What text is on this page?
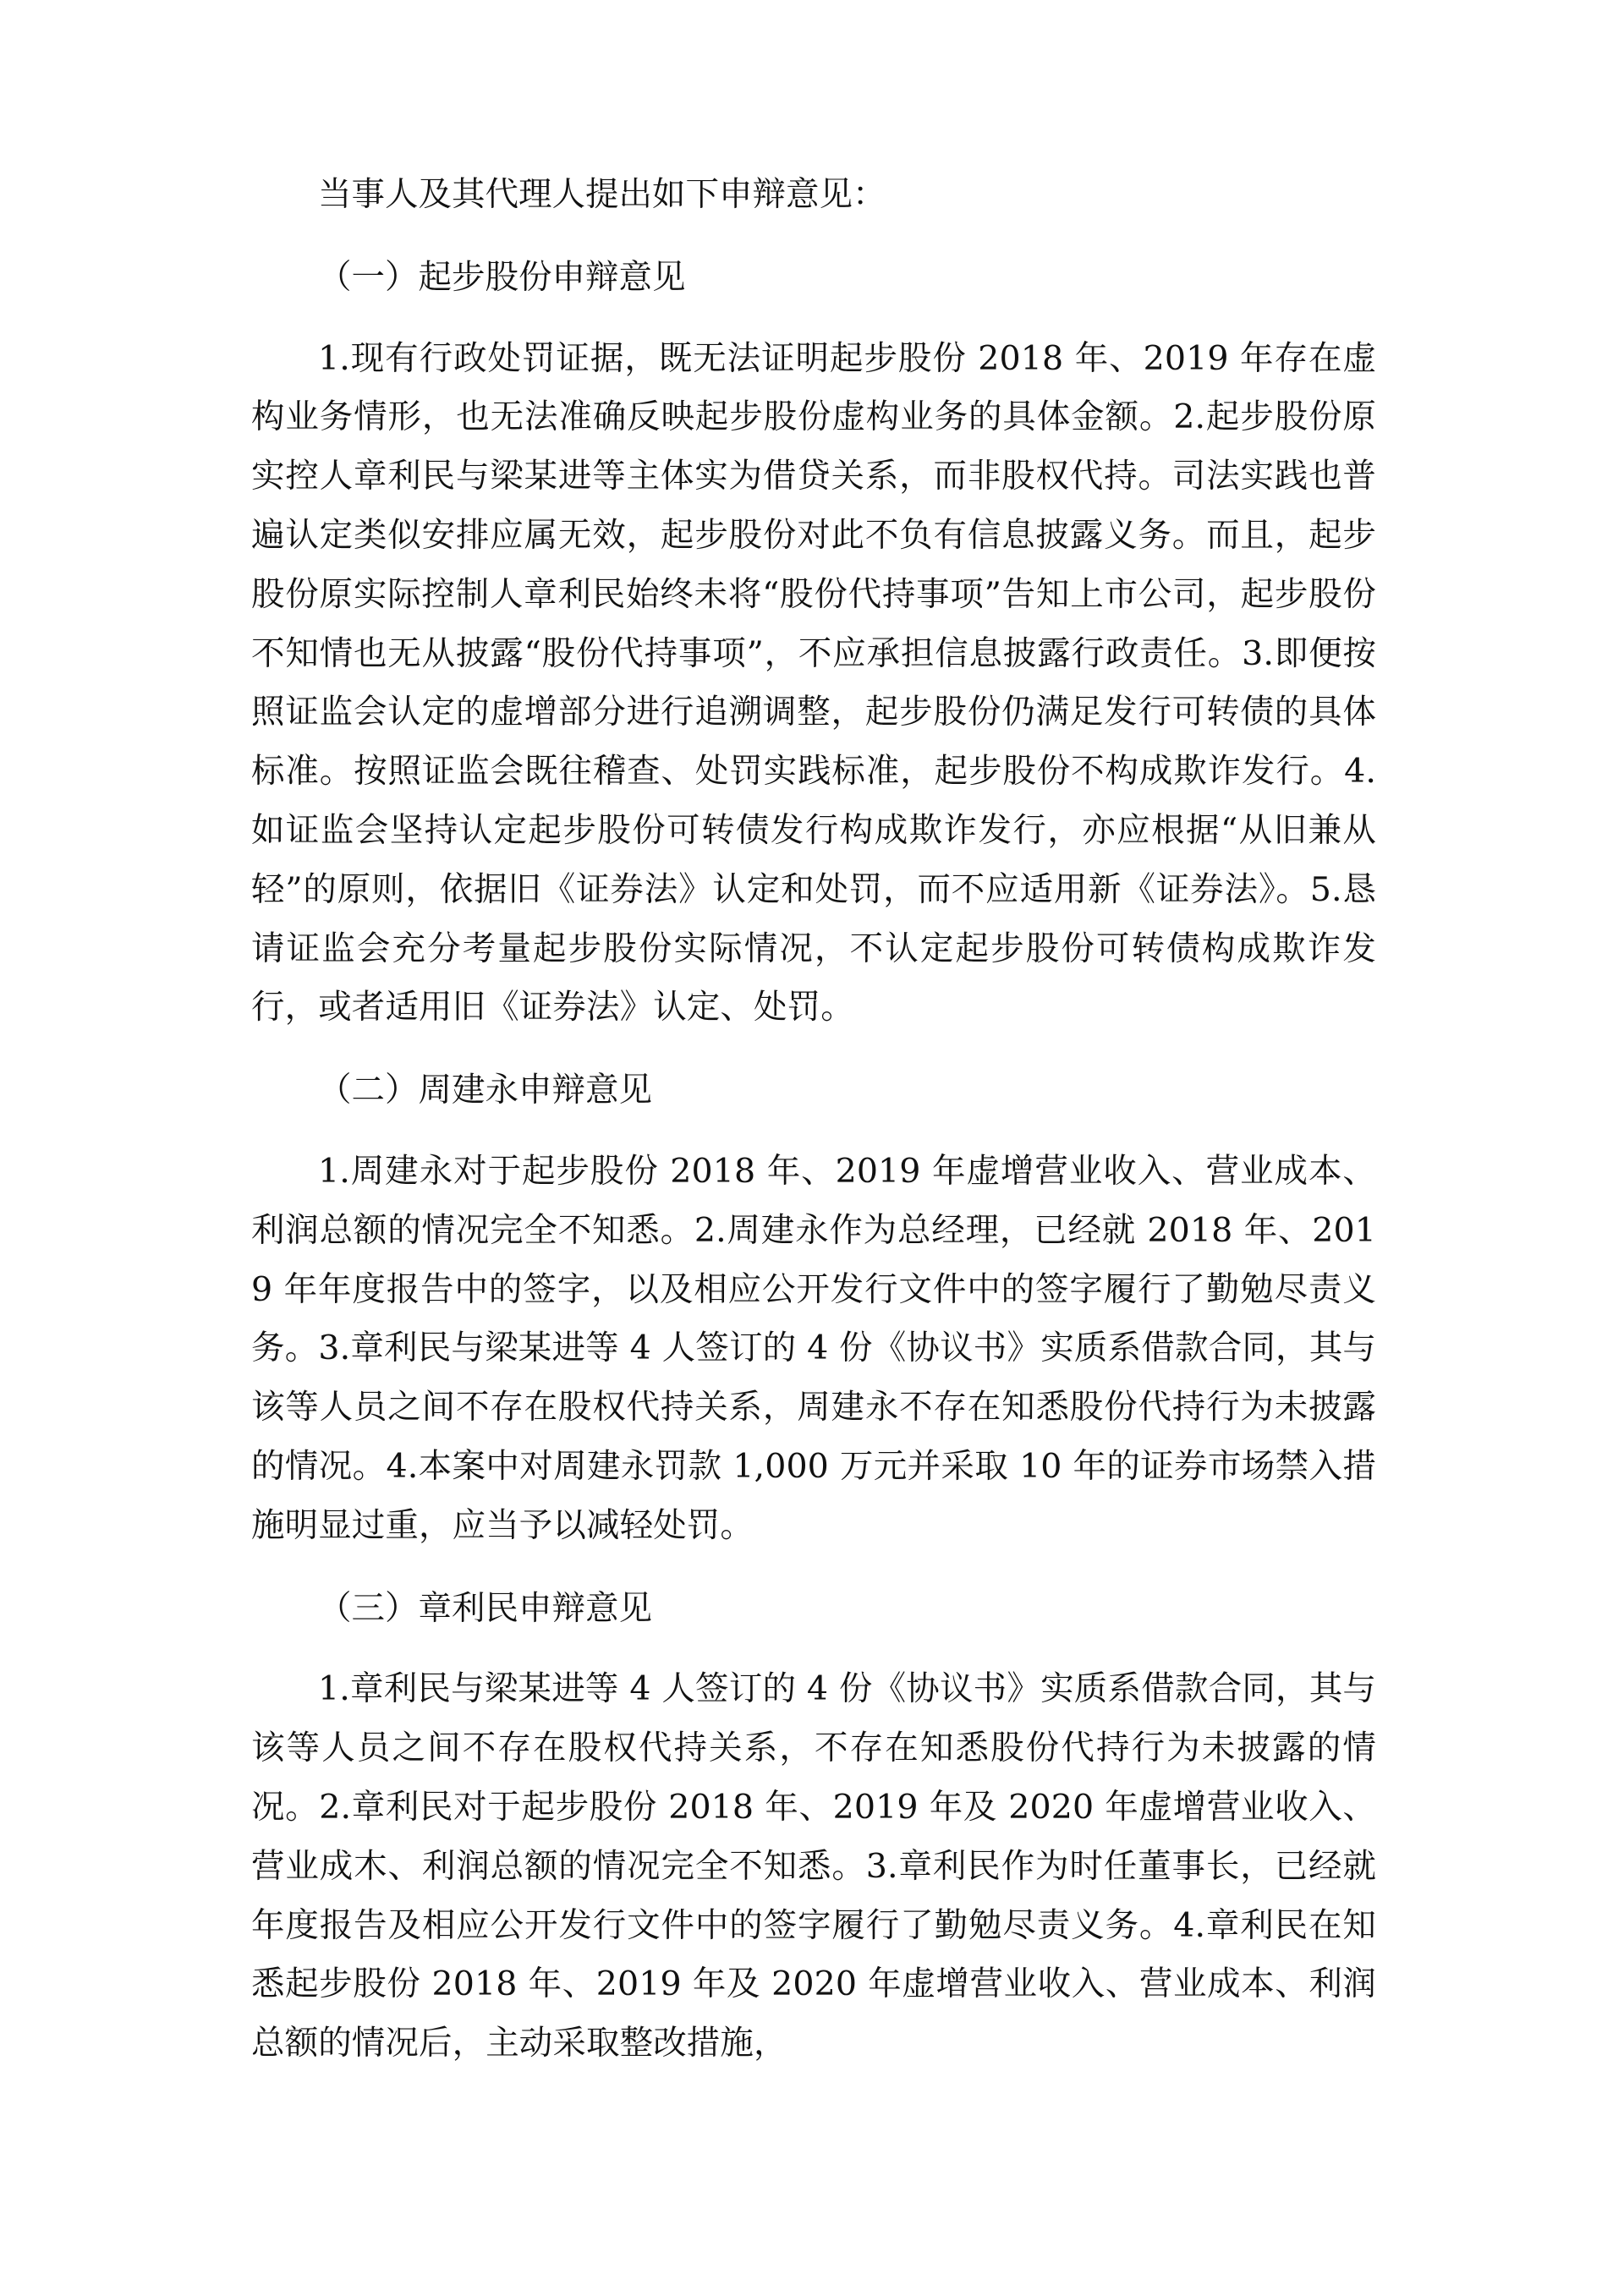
当事人及其代理人提出如下申辩意见：

（一）起步股份申辩意见

1.现有行政处罚证据，既无法证明起步股份 2018 年、2019 年存在虚构业务情形，也无法准确反映起步股份虚构业务的具体金额。2.起步股份原实控人章利民与梁某进等主体实为借贷关系，而非股权代持。司法实践也普遍认定类似安排应属无效，起步股份对此不负有信息披露义务。而且，起步股份原实际控制人章利民始终未将“股份代持事项”告知上市公司，起步股份不知情也无从披露“股份代持事项”，不应承担信息披露行政责任。3.即便按照证监会认定的虚增部分进行追溯调整，起步股份仍满足发行可转债的具体标准。按照证监会既往稽查、处罚实践标准，起步股份不构成欺诈发行。4.如证监会坚持认定起步股份可转债发行构成欺诈发行，亦应根据“从旧兼从轻”的原则，依据旧《证券法》认定和处罚，而不应适用新《证券法》。5.恳请证监会充分考量起步股份实际情况，不认定起步股份可转债构成欺诈发行，或者适用旧《证券法》认定、处罚。

（二）周建永申辩意见

1.周建永对于起步股份 2018 年、2019 年虚增营业收入、营业成本、利润总额的情况完全不知悉。2.周建永作为总经理，已经就 2018 年、2019 年年度报告中的签字，以及相应公开发行文件中的签字履行了勤勉尽责义务。3.章利民与梁某进等 4 人签订的 4 份《协议书》实质系借款合同，其与该等人员之间不存在股权代持关系，周建永不存在知悉股份代持行为未披露的情况。4.本案中对周建永罚款 1,000 万元并采取 10 年的证券市场禁入措施明显过重，应当予以减轻处罚。

（三）章利民申辩意见

1.章利民与梁某进等 4 人签订的 4 份《协议书》实质系借款合同，其与该等人员之间不存在股权代持关系，不存在知悉股份代持行为未披露的情况。2.章利民对于起步股份 2018 年、2019 年及 2020 年虚增营业收入、营业成木、利润总额的情况完全不知悉。3.章利民作为时任董事长，已经就年度报告及相应公开发行文件中的签字履行了勤勉尽责义务。4.章利民在知悉起步股份 2018 年、2019 年及 2020 年虚增营业收入、营业成本、利润总额的情况后，主动采取整改措施，
